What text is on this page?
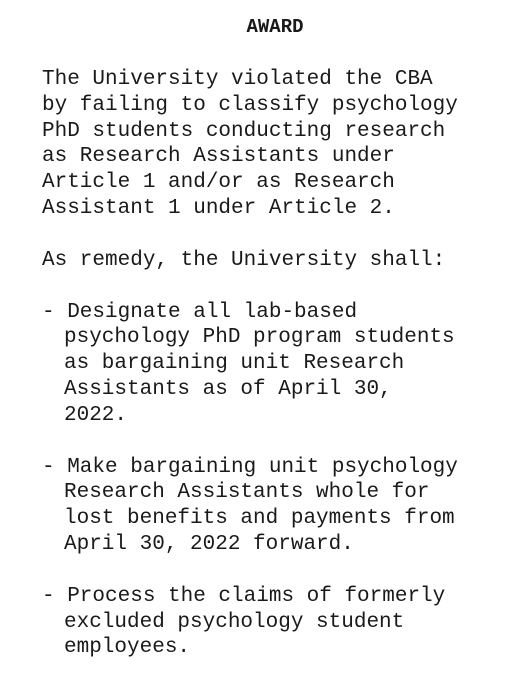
AWARD
The University violated the CBA
by failing to classify psychology
PhD students conducting research
as Research Assistants under
Article 1 and/or as Research
Assistant 1 under Article 2.
As remedy, the University shall:
- Designate all lab-based
psychology PhD program students
as bargaining unit Research
Assistants as of April 30,
2022.
- Make bargaining unit psychology
Research Assistants whole for
lost benefits and payments from
April 30, 2022 forward.
- Process the claims of formerly
excluded psychology student
employees.
